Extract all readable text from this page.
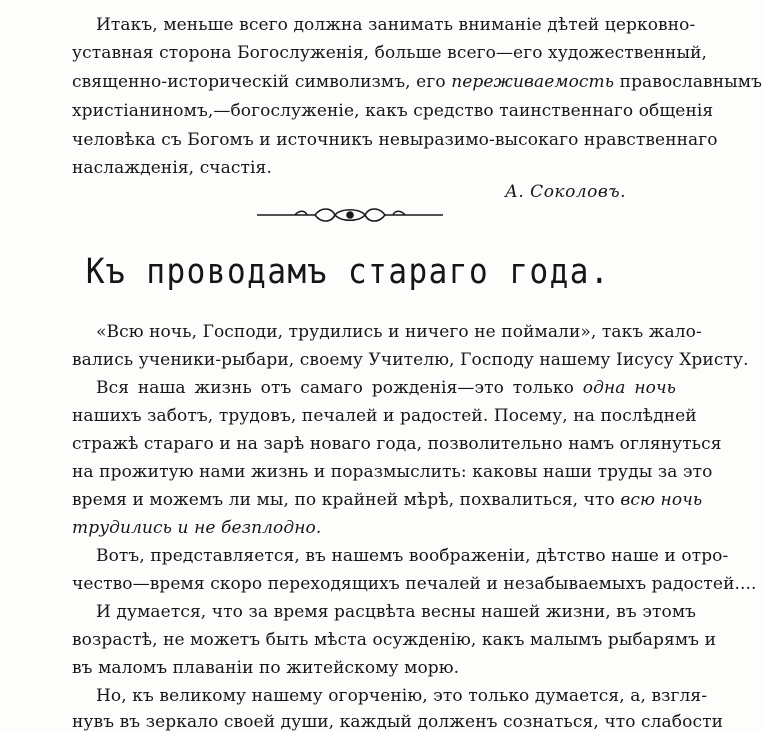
Итакъ, меньше всего должна занимать вниманіе дѣтей церковно-
уставная сторона Богослуженія, больше всего—его художественный,
священно-историческій символизмъ, его переживаемость православнымъ
христіаниномъ,—богослуженіе, какъ средство таинственнаго общенія
человѣка съ Богомъ и источникъ невыразимо-высокаго нравственнаго
наслажденія, счастія.
А. Соколовъ.
Къ проводамъ стараго года.
«Всю ночь, Господи, трудились и ничего не поймали», такъ жало-
вались ученики-рыбари, своему Учителю, Господу нашему Іисусу Христу.
Вся наша жизнь отъ самаго рожденія—это только одна ночь
нашихъ заботъ, трудовъ, печалей и радостей. Посему, на послѣдней
стражѣ стараго и на зарѣ новаго года, позволительно намъ оглянуться
на прожитую нами жизнь и поразмыслить: каковы наши труды за это
время и можемъ ли мы, по крайней мѣрѣ, похвалиться, что всю ночь
трудились и не безплодно.
Вотъ, представляется, въ нашемъ воображеніи, дѣтство наше и отро-
чество—время скоро переходящихъ печалей и незабываемыхъ радостей....
И думается, что за время расцвѣта весны нашей жизни, въ этомъ
возрастѣ, не можетъ быть мѣста осужденію, какъ малымъ рыбарямъ и
въ маломъ плаваніи по житейскому морю.
Но, къ великому нашему огорченію, это только думается, а, взгля-
нувъ въ зеркало своей души, каждый долженъ сознаться, что слабости
